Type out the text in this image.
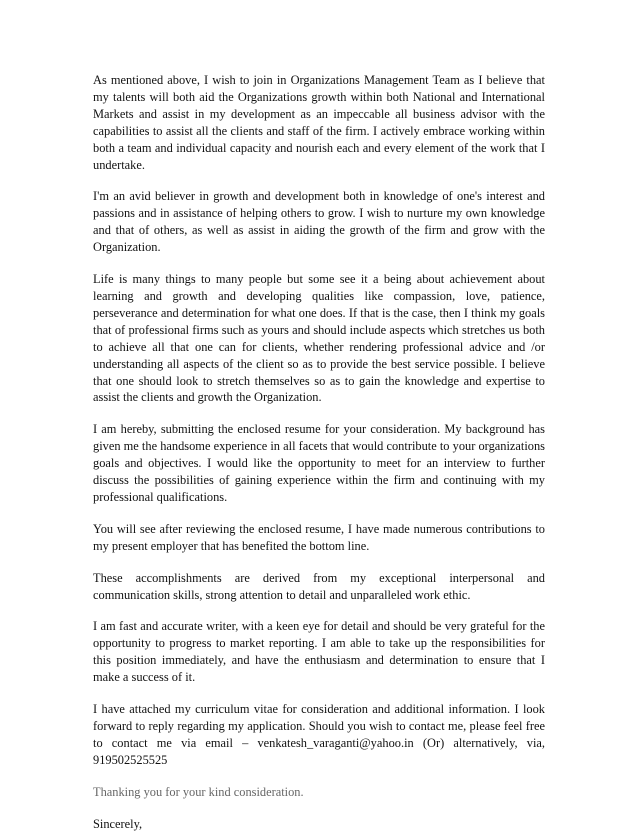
As mentioned above, I wish to join in Organizations Management Team as I believe that my talents will both aid the Organizations growth within both National and International Markets and assist in my development as an impeccable all business advisor with the capabilities to assist all the clients and staff of the firm. I actively embrace working within both a team and individual capacity and nourish each and every element of the work that I undertake.

I'm an avid believer in growth and development both in knowledge of one's interest and passions and in assistance of helping others to grow. I wish to nurture my own knowledge and that of others, as well as assist in aiding the growth of the firm and grow with the Organization.

Life is many things to many people but some see it a being about achievement about learning and growth and developing qualities like compassion, love, patience, perseverance and determination for what one does. If that is the case, then I think my goals that of professional firms such as yours and should include aspects which stretches us both to achieve all that one can for clients, whether rendering professional advice and /or understanding all aspects of the client so as to provide the best service possible. I believe that one should look to stretch themselves so as to gain the knowledge and expertise to assist the clients and growth the Organization.

I am hereby, submitting the enclosed resume for your consideration. My background has given me the handsome experience in all facets that would contribute to your organizations goals and objectives. I would like the opportunity to meet for an interview to further discuss the possibilities of gaining experience within the firm and continuing with my professional qualifications.

You will see after reviewing the enclosed resume, I have made numerous contributions to my present employer that has benefited the bottom line.

These accomplishments are derived from my exceptional interpersonal and communication skills, strong attention to detail and unparalleled work ethic.

I am fast and accurate writer, with a keen eye for detail and should be very grateful for the opportunity to progress to market reporting. I am able to take up the responsibilities for this position immediately, and have the enthusiasm and determination to ensure that I make a success of it.

I have attached my curriculum vitae for consideration and additional information. I look forward to reply regarding my application. Should you wish to contact me, please feel free to contact me via email – venkatesh_varaganti@yahoo.in (Or) alternatively, via, 919502525525

Thanking you for your kind consideration.

Sincerely,
